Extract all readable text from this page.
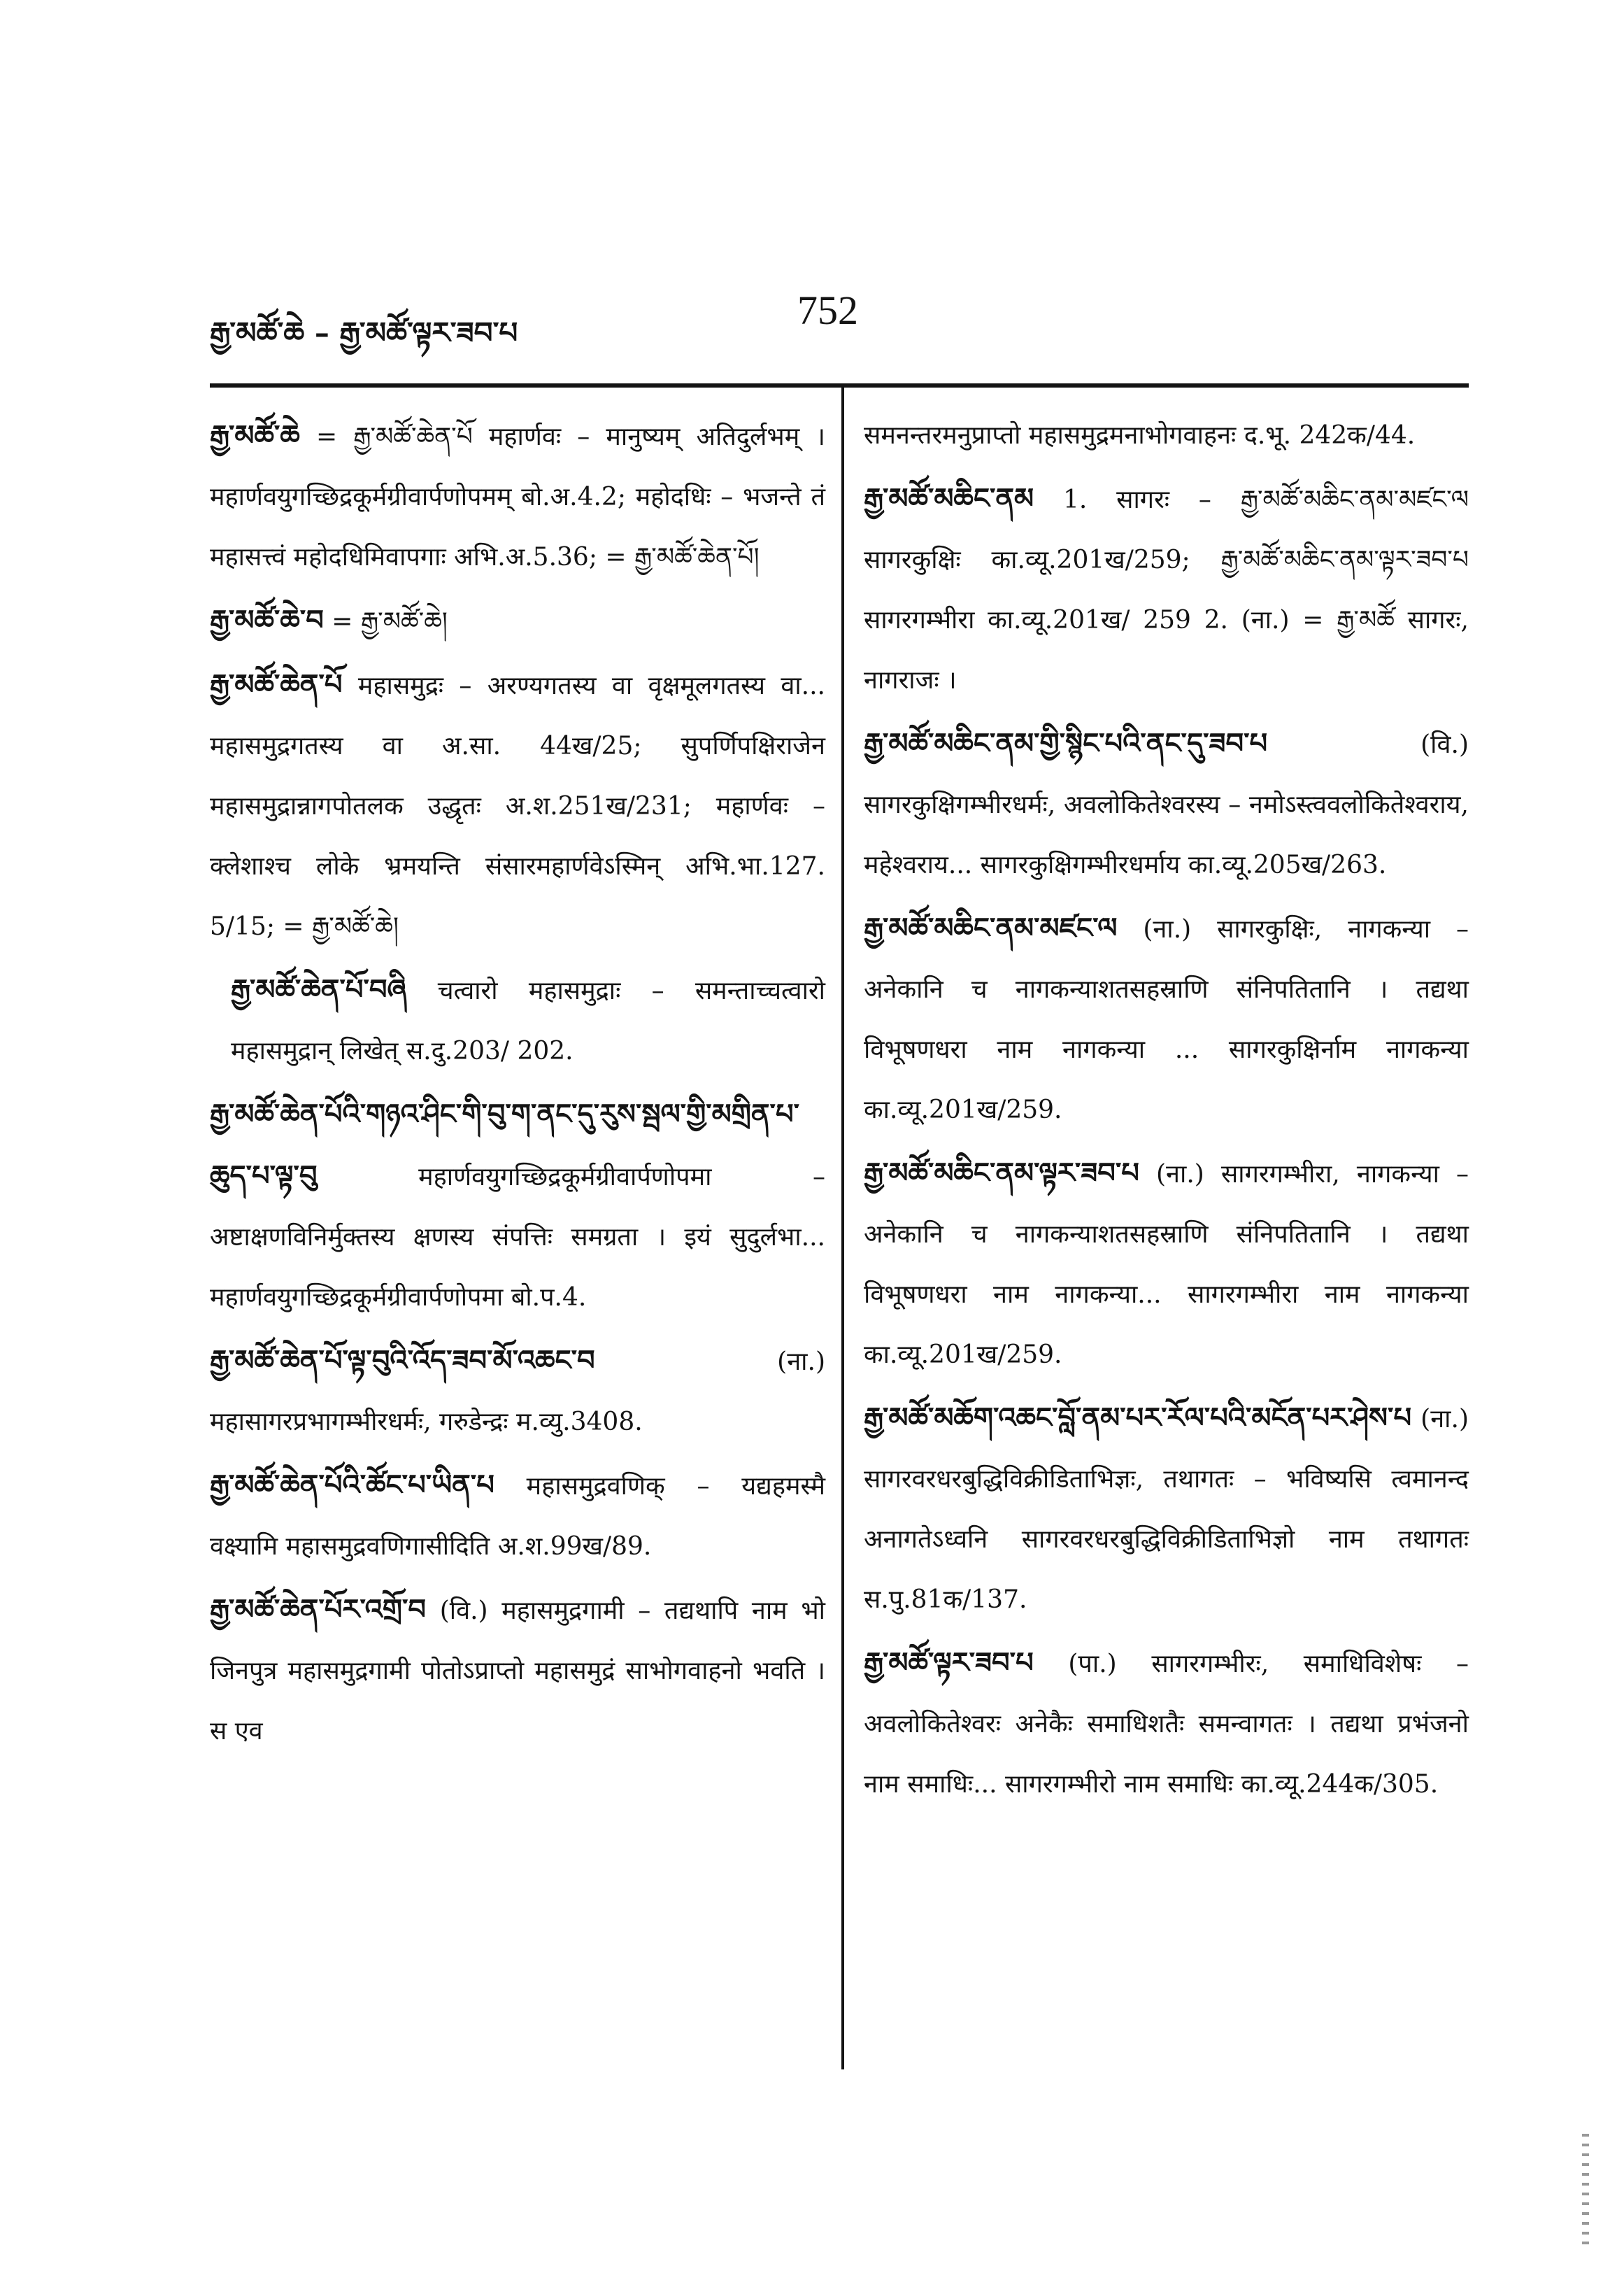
རྒྱ་མཚོ་ཆེ – རྒྱ་མཚོ་ལྟར་ཟབ་པ	752

རྒྱ་མཚོ་ཆེ = རྒྱ་མཚོ་ཆེན་པོ महार्णवः – मानुष्यम् अतिदुर्लभम् । महार्णवयुगच्छिद्रकूर्मग्रीवार्पणोपमम् बो.अ.4.2; महोदधिः – भजन्ते तं महासत्त्वं महोदधिमिवापगाः अभि.अ.5.36; = རྒྱ་མཚོ་ཆེན་པོ།

རྒྱ་མཚོ་ཆེ་བ = རྒྱ་མཚོ་ཆེ།

རྒྱ་མཚོ་ཆེན་པོ महासमुद्रः – अरण्यगतस्य वा वृक्षमूलगतस्य वा... महासमुद्रगतस्य वा अ.सा. 44ख/25; सुपर्णिपक्षिराजेन महासमुद्रान्नागपोतलक उद्धृतः अ.श.251ख/231; महार्णवः – क्लेशाश्च लोके भ्रमयन्ति संसारमहार्णवेऽस्मिन् अभि.भा.127. 5/15; = རྒྱ་མཚོ་ཆེ།

རྒྱ་མཚོ་ཆེན་པོ་བཞི चत्वारो महासमुद्राः – समन्ताच्चत्वारो महासमुद्रान् लिखेत् स.दु.203/ 202.

རྒྱ་མཚོ་ཆེན་པོའི་གཉའ་ཤིང་གི་བུ་ག་ནང་དུ་རུས་སྦལ་གྱི་མགྲིན་པ་ཆུད་པ་ལྟ་བུ	महार्णवयुगच्छिद्रकूर्मग्रीवार्पणोपमा – अष्टाक्षणविनिर्मुक्तस्य क्षणस्य संपत्तिः समग्रता । इयं सुदुर्लभा... महार्णवयुगच्छिद्रकूर्मग्रीवार्पणोपमा बो.प.4.

རྒྱ་མཚོ་ཆེན་པོ་ལྟ་བུའི་འོད་ཟབ་མོ་འཆང་བ	(ना.) महासागरप्रभागम्भीरधर्मः, गरुडेन्द्रः म.व्यु.3408.

རྒྱ་མཚོ་ཆེན་པོའི་ཚོང་པ་ཡིན་པ महासमुद्रवणिक् – यद्यहमस्मै वक्ष्यामि महासमुद्रवणिगासीदिति अ.श.99ख/89.

རྒྱ་མཚོ་ཆེན་པོར་འགྲོ་བ (वि.) महासमुद्रगामी – तद्यथापि नाम भो जिनपुत्र महासमुद्रगामी पोतोऽप्राप्तो महासमुद्रं साभोगवाहनो भवति । स एव

समनन्तरमनुप्राप्तो महासमुद्रमनाभोगवाहनः द.भू. 242क/44.

རྒྱ་མཚོ་མཆིང་ནམ 1. सागरः – རྒྱ་མཚོ་མཆིང་ནམ་མཛང་ལ सागरकुक्षिः का.व्यू.201ख/259; རྒྱ་མཚོ་མཆིང་ནམ་ལྟར་ཟབ་པ सागरगम्भीरा का.व्यू.201ख/ 259 2. (ना.) = རྒྱ་མཚོ सागरः, नागराजः ।

རྒྱ་མཚོ་མཆིང་ནམ་གྱི་སྙིང་པའི་ནང་དུ་ཟབ་པ	(वि.) सागरकुक्षिगम्भीरधर्मः, अवलोकितेश्वरस्य – नमोऽस्त्ववलोकितेश्वराय, महेश्वराय... सागरकुक्षिगम्भीरधर्माय का.व्यू.205ख/263.

རྒྱ་མཚོ་མཆིང་ནམ་མཛང་ལ (ना.) सागरकुक्षिः, नागकन्या – अनेकानि च नागकन्याशतसहस्राणि संनिपतितानि । तद्यथा विभूषणधरा नाम नागकन्या ... सागरकुक्षिर्नाम नागकन्या का.व्यू.201ख/259.

རྒྱ་མཚོ་མཆིང་ནམ་ལྟར་ཟབ་པ (ना.) सागरगम्भीरा, नागकन्या – अनेकानि च नागकन्याशतसहस्राणि संनिपतितानि । तद्यथा विभूषणधरा नाम नागकन्या... सागरगम्भीरा नाम नागकन्या का.व्यू.201ख/259.

རྒྱ་མཚོ་མཆོག་འཆང་བློ་ནམ་པར་རོལ་པའི་མངོན་པར་ཤེས་པ (ना.) सागरवरधरबुद्धिविक्रीडिताभिज्ञः, तथागतः – भविष्यसि त्वमानन्द अनागतेऽध्वनि सागरवरधरबुद्धिविक्रीडिताभिज्ञो नाम तथागतः स.पु.81क/137.

རྒྱ་མཚོ་ལྟར་ཟབ་པ (पा.) सागरगम्भीरः, समाधिविशेषः – अवलोकितेश्वरः अनेकैः समाधिशतैः समन्वागतः । तद्यथा प्रभंजनो नाम समाधिः... सागरगम्भीरो नाम समाधिः का.व्यू.244क/305.
